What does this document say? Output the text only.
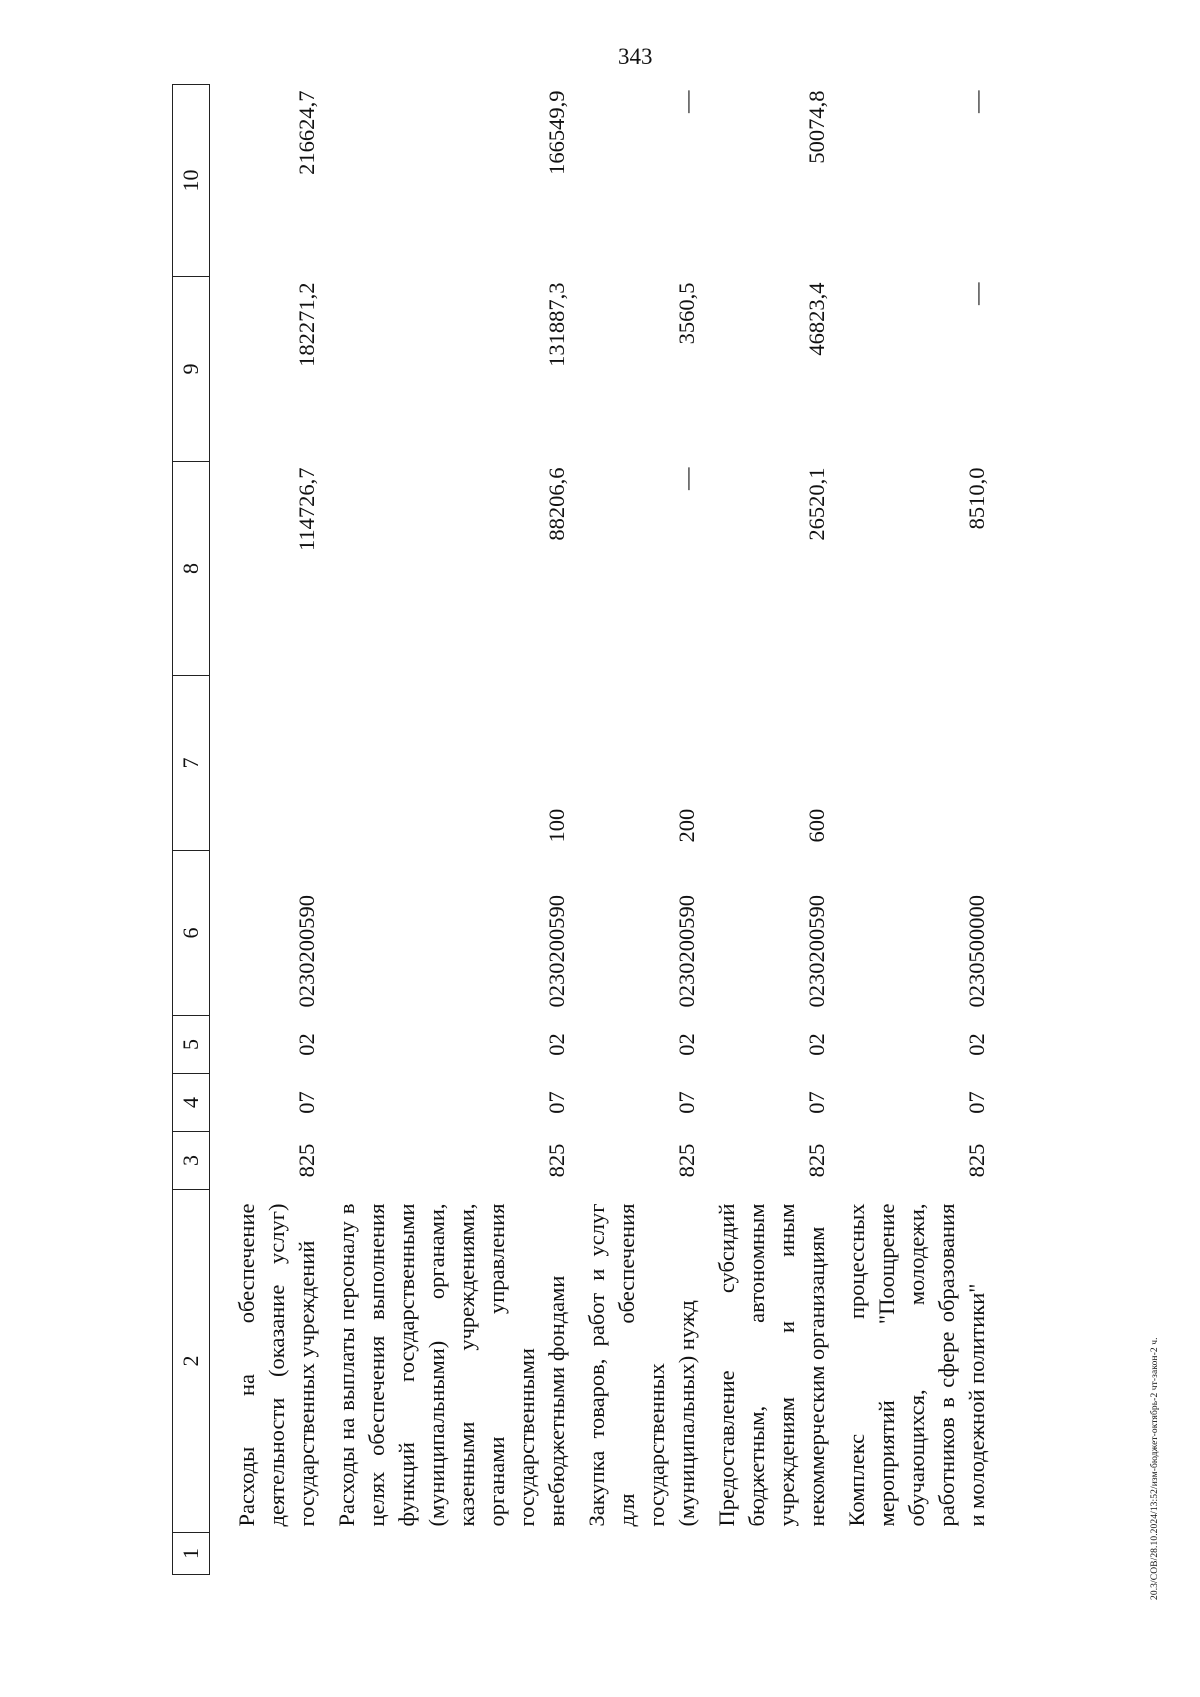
343
20.3/СОВ/28.10.2024/13:52/изм-бюджет-октябрь-2 чт-закон-2 ч.
1	2	3	4	5	6	7	8	9	10
	Расходы на обеспечение деятельности (оказание услуг) государственных учреждений	825	07	02	0230200590		114726,7	182271,2	216624,7
	Расходы на выплаты персоналу в целях обеспечения выполнения функций государственными (муниципальными) органами, казенными учреждениями, органами управления государственными внебюджетными фондами	825	07	02	0230200590	100	88206,6	131887,3	166549,9
	Закупка товаров, работ и услуг для обеспечения государственных (муниципальных) нужд	825	07	02	0230200590	200	—	3560,5	—
	Предоставление субсидий бюджетным, автономным учреждениям и иным некоммерческим организациям	825	07	02	0230200590	600	26520,1	46823,4	50074,8
	Комплекс процессных мероприятий "Поощрение обучающихся, молодежи, работников в сфере образования и молодежной политики"	825	07	02	0230500000		8510,0	—	—
